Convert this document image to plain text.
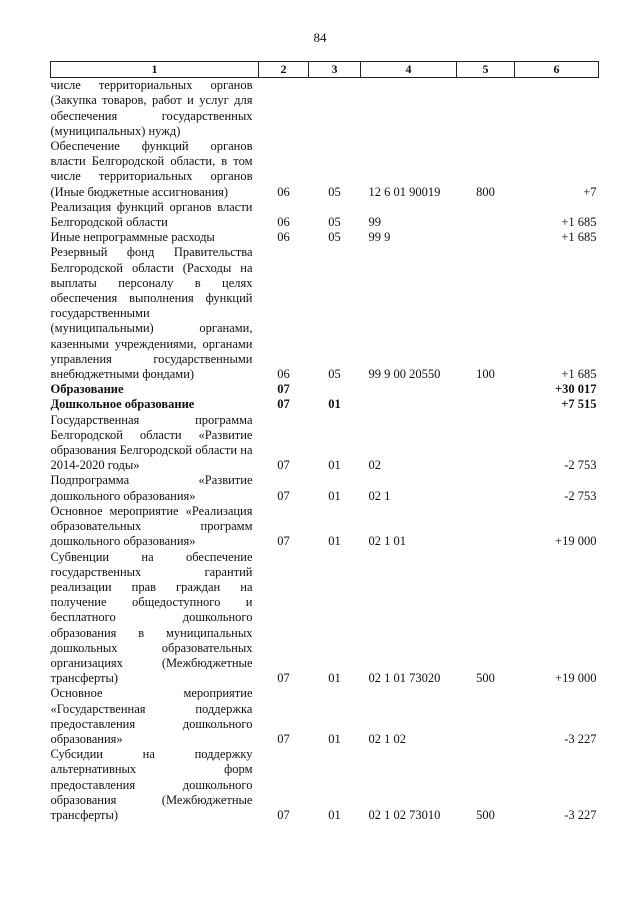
84
1	2	3	4	5	6
числе территориальных органов (Закупка товаров, работ и услуг для обеспечения государственных (муниципальных) нужд)					
Обеспечение функций органов власти Белгородской области, в том числе территориальных органов (Иные бюджетные ассигнования)	06	05	12 6 01 90019	800	+7
Реализация функций органов власти Белгородской области	06	05	99		+1 685
Иные непрограммные расходы	06	05	99 9		+1 685
Резервный фонд Правительства Белгородской области (Расходы на выплаты персоналу в целях обеспечения выполнения функций государственными (муниципальными) органами, казенными учреждениями, органами управления государственными внебюджетными фондами)	06	05	99 9 00 20550	100	+1 685
Образование	07				+30 017
Дошкольное образование	07	01			+7 515
Государственная программа Белгородской области «Развитие образования Белгородской области на 2014-2020 годы»	07	01	02		-2 753
Подпрограмма «Развитие дошкольного образования»	07	01	02 1		-2 753
Основное мероприятие «Реализация образовательных программ дошкольного образования»	07	01	02 1 01		+19 000
Субвенции на обеспечение государственных гарантий реализации прав граждан на получение общедоступного и бесплатного дошкольного образования в муниципальных дошкольных образовательных организациях (Межбюджетные трансферты)	07	01	02 1 01 73020	500	+19 000
Основное мероприятие «Государственная поддержка предоставления дошкольного образования»	07	01	02 1 02		-3 227
Субсидии на поддержку альтернативных форм предоставления дошкольного образования (Межбюджетные трансферты)	07	01	02 1 02 73010	500	-3 227
